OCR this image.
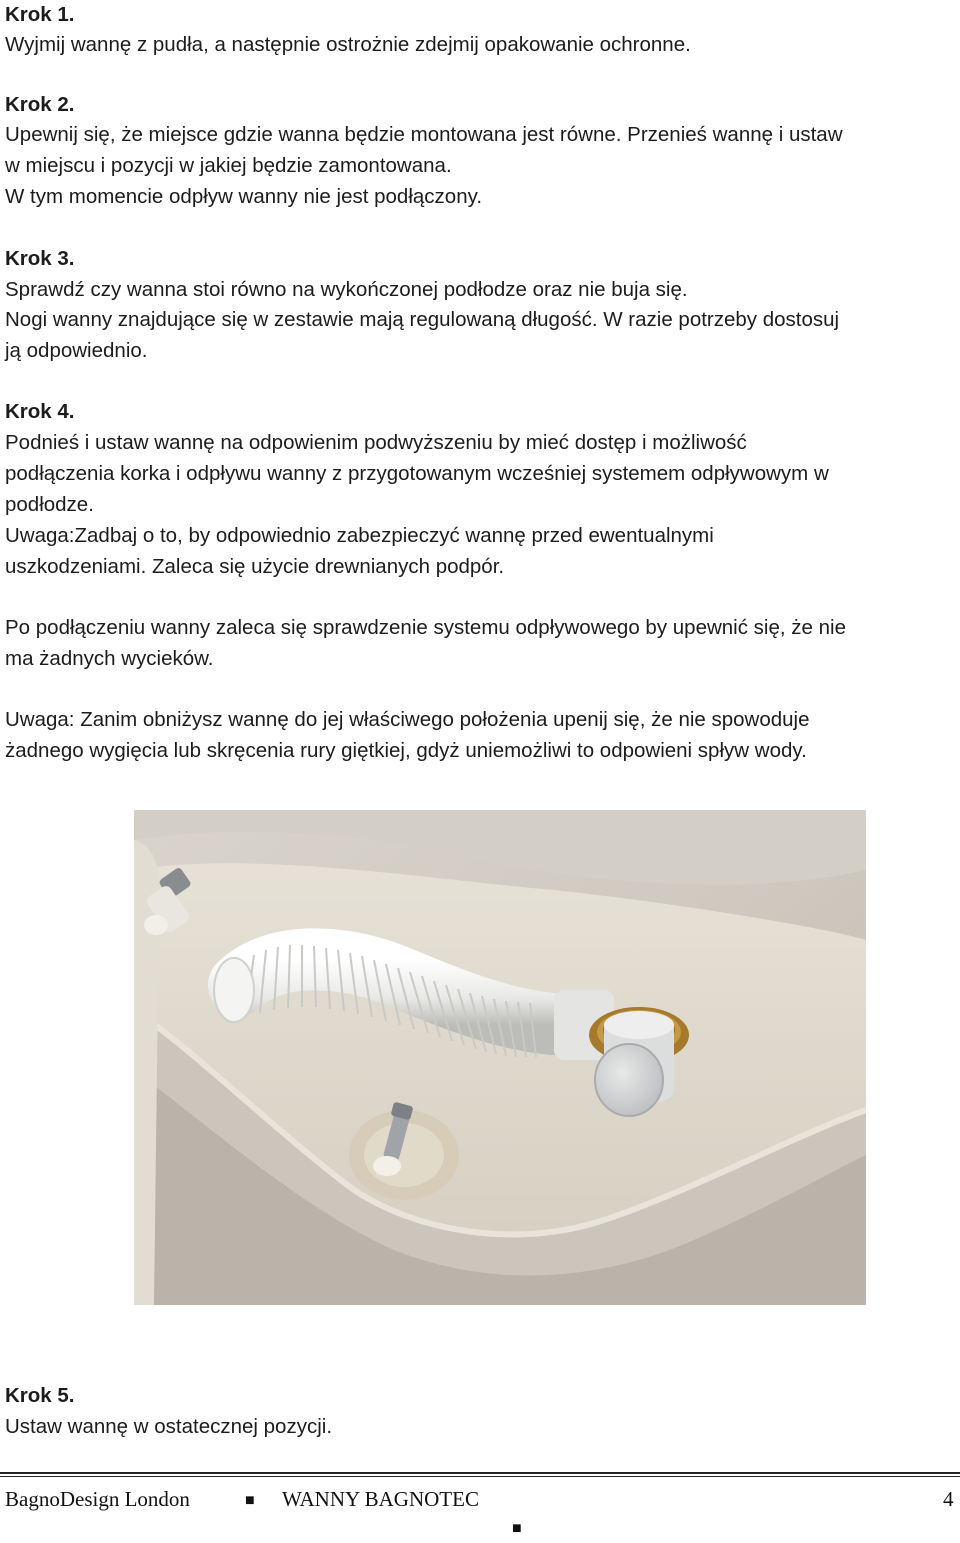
Krok 1.
Wyjmij wannę z pudła, a następnie ostrożnie zdejmij opakowanie ochronne.
Krok 2.
Upewnij się, że miejsce gdzie wanna będzie montowana jest równe. Przenieś wannę i ustaw
w miejscu i pozycji w jakiej będzie zamontowana.
W tym momencie odpływ wanny nie jest podłączony.
Krok 3.
Sprawdź czy wanna stoi równo na wykończonej podłodze oraz nie buja się.
Nogi wanny znajdujące się w zestawie mają regulowaną długość. W razie potrzeby dostosuj
ją odpowiednio.
Krok 4.
Podnieś i ustaw wannę na odpowienim podwyższeniu by mieć dostęp i możliwość
podłączenia korka i odpływu wanny z przygotowanym wcześniej systemem odpływowym w
podłodze.
Uwaga:Zadbaj o to, by odpowiednio zabezpieczyć wannę przed ewentualnymi
uszkodzeniami. Zaleca się użycie drewnianych podpór.
Po podłączeniu wanny zaleca się sprawdzenie systemu odpływowego by upewnić się, że nie
ma żadnych wycieków.
Uwaga: Zanim obniżysz wannę do jej właściwego położenia upenij się, że nie spowoduje
żadnego wygięcia lub skręcenia rury giętkiej, gdyż uniemożliwi to odpowieni spływ wody.
Krok 5.
Ustaw wannę w ostatecznej pozycji.
BagnoDesign London	■	WANNY BAGNOTEC
■
4
